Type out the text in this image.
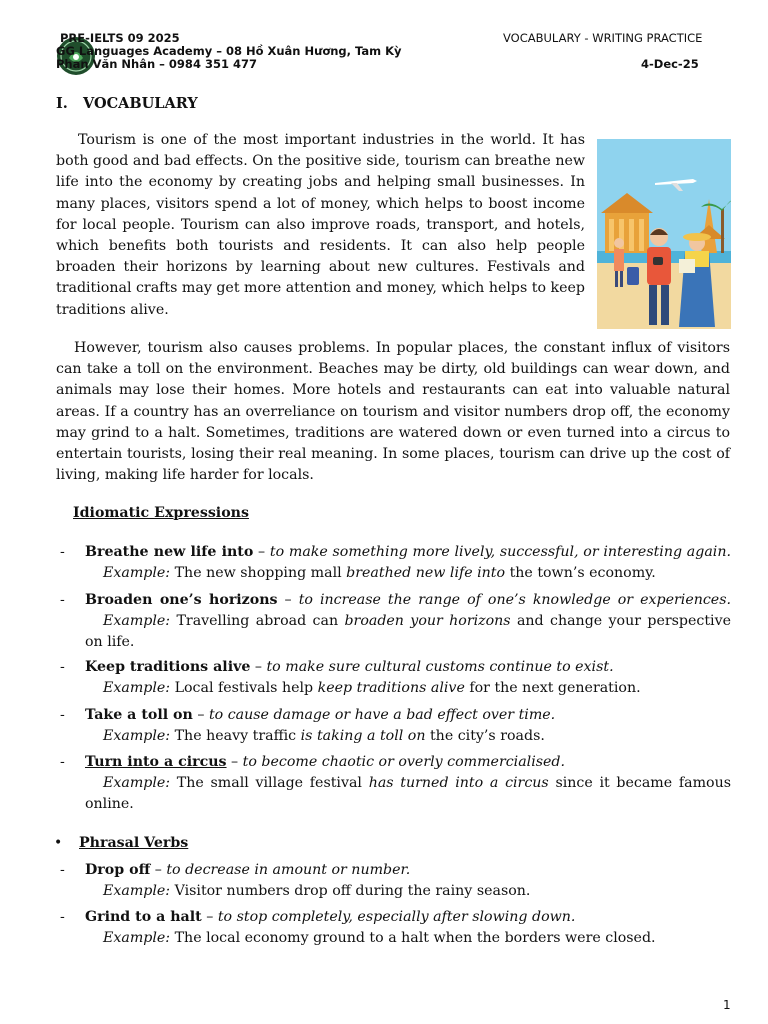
PRE-IELTS 09 2025
GG Languages Academy – 08 Hồ Xuân Hương, Tam Kỳ
Phan Văn Nhân – 0984 351 477
VOCABULARY - WRITING PRACTICE
4-Dec-25
I.   VOCABULARY

Tourism is one of the most important industries in the world. It has both good and bad effects. On the positive side, tourism can breathe new life into the economy by creating jobs and helping small businesses. In many places, visitors spend a lot of money, which helps to boost income for local people. Tourism can also improve roads, transport, and hotels, which benefits both tourists and residents. It can also help people broaden their horizons by learning about new cultures. Festivals and traditional crafts may get more attention and money, which helps to keep traditions alive.

However, tourism also causes problems. In popular places, the constant influx of visitors can take a toll on the environment. Beaches may be dirty, old buildings can wear down, and animals may lose their homes. More hotels and restaurants can eat into valuable natural areas. If a country has an overreliance on tourism and visitor numbers drop off, the economy may grind to a halt. Sometimes, traditions are watered down or even turned into a circus to entertain tourists, losing their real meaning. In some places, tourism can drive up the cost of living, making life harder for locals.

Idiomatic Expressions
- Breathe new life into – to make something more lively, successful, or interesting again.
Example: The new shopping mall breathed new life into the town’s economy.
- Broaden one’s horizons – to increase the range of one’s knowledge or experiences.
Example: Travelling abroad can broaden your horizons and change your perspective on life.
- Keep traditions alive – to make sure cultural customs continue to exist.
Example: Local festivals help keep traditions alive for the next generation.
- Take a toll on – to cause damage or have a bad effect over time.
Example: The heavy traffic is taking a toll on the city’s roads.
- Turn into a circus – to become chaotic or overly commercialised.
Example: The small village festival has turned into a circus since it became famous online.
• Phrasal Verbs
- Drop off – to decrease in amount or number.
Example: Visitor numbers drop off during the rainy season.
- Grind to a halt – to stop completely, especially after slowing down.
Example: The local economy ground to a halt when the borders were closed.
1
